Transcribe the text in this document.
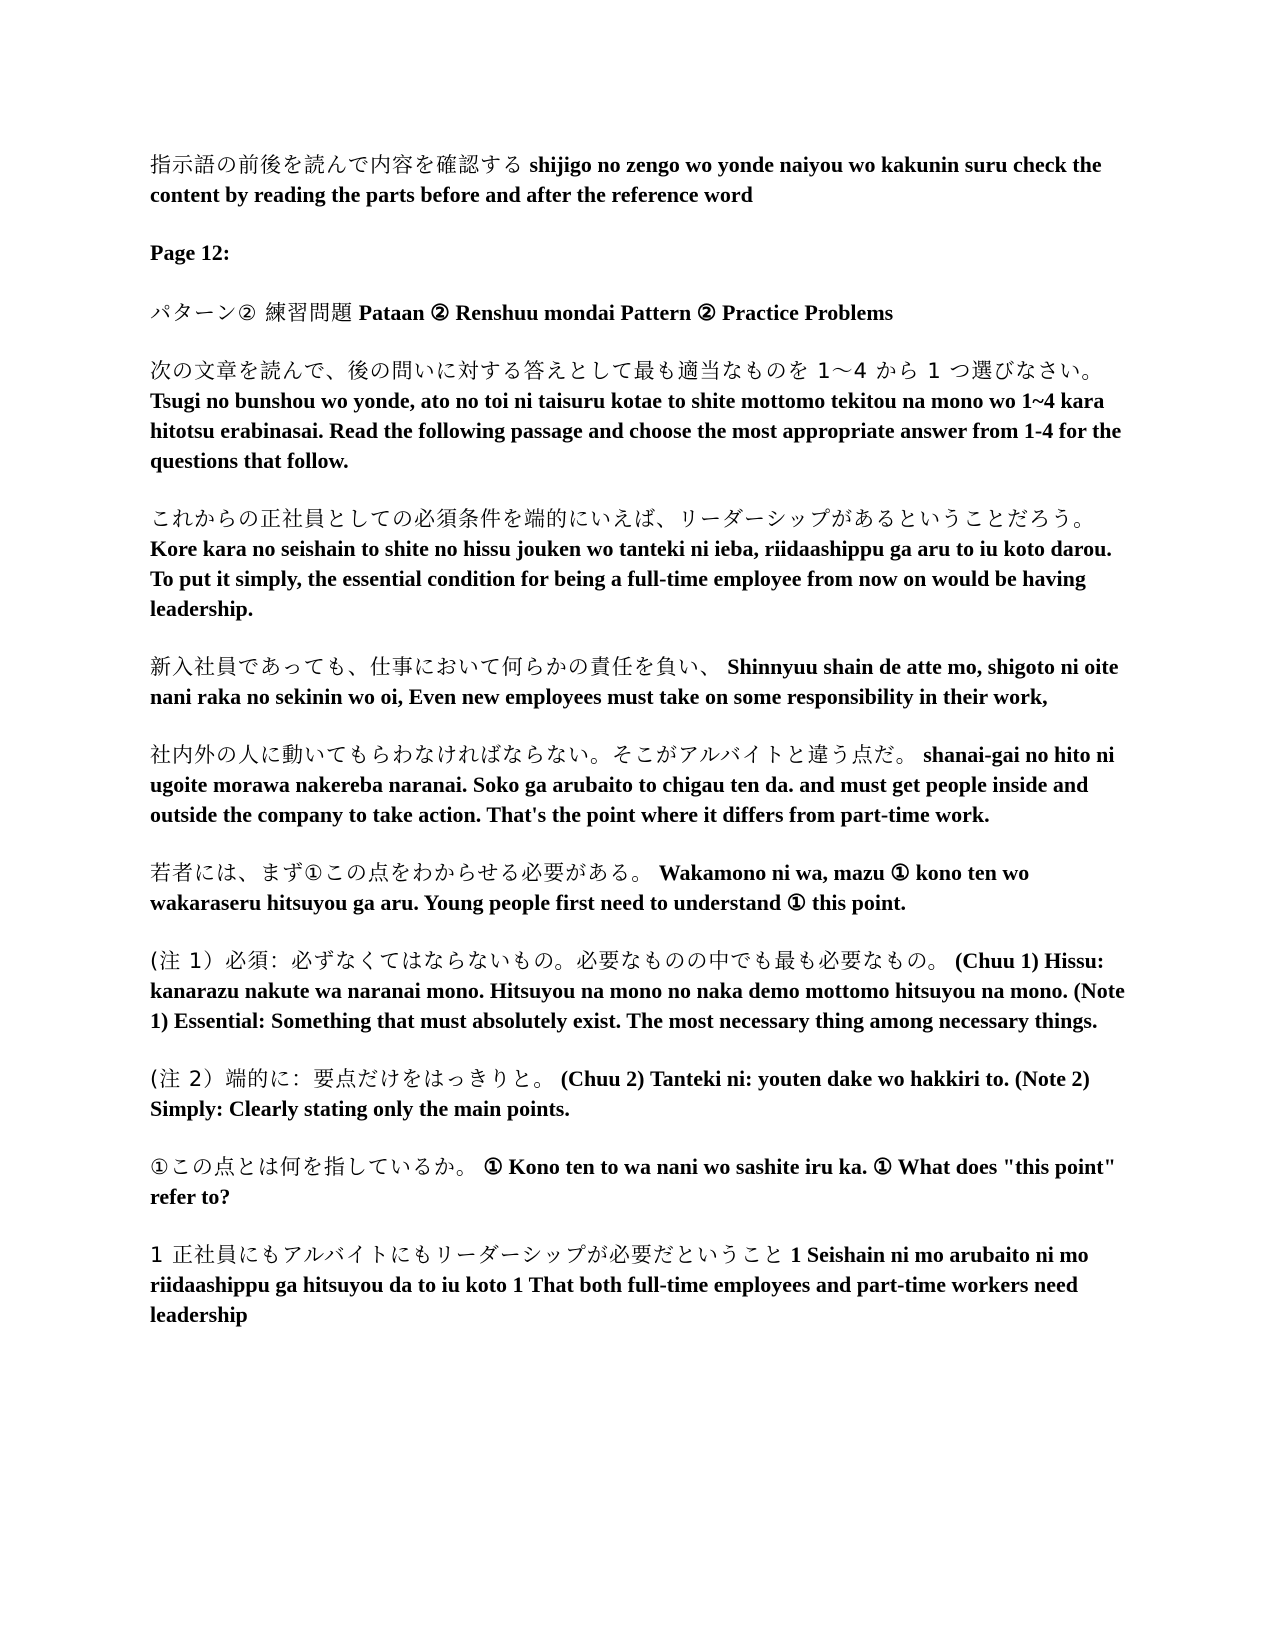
指示語の前後を読んで内容を確認する shijigo no zengo wo yonde naiyou wo kakunin suru check the content by reading the parts before and after the reference word

Page 12:

パターン② 練習問題 Pataan ② Renshuu mondai Pattern ② Practice Problems

次の文章を読んで、後の問いに対する答えとして最も適当なものを 1︎〜4 から 1 つ選びなさい。 Tsugi no bunshou wo yonde, ato no toi ni taisuru kotae to shite mottomo tekitou na mono wo 1~4 kara hitotsu erabinasai. Read the following passage and choose the most appropriate answer from 1-4 for the questions that follow.

これからの正社員としての必須条件を端的にいえば、リーダーシップがあるということだろう。 Kore kara no seishain to shite no hissu jouken wo tanteki ni ieba, riidaashippu ga aru to iu koto darou. To put it simply, the essential condition for being a full-time employee from now on would be having leadership.

新入社員であっても、仕事において何らかの責任を負い、 Shinnyuu shain de atte mo, shigoto ni oite nani raka no sekinin wo oi, Even new employees must take on some responsibility in their work,

社内外の人に動いてもらわなければならない。そこがアルバイトと違う点だ。 shanai-gai no hito ni ugoite morawa nakereba naranai. Soko ga arubaito to chigau ten da. and must get people inside and outside the company to take action. That's the point where it differs from part-time work.

若者には、まず①この点をわからせる必要がある。 Wakamono ni wa, mazu ① kono ten wo wakaraseru hitsuyou ga aru. Young people first need to understand ① this point.

(注 1）必須：必ずなくてはならないもの。必要なものの中でも最も必要なもの。 (Chuu 1) Hissu: kanarazu nakute wa naranai mono. Hitsuyou na mono no naka demo mottomo hitsuyou na mono. (Note 1) Essential: Something that must absolutely exist. The most necessary thing among necessary things.

(注 2）端的に：要点だけをはっきりと。 (Chuu 2) Tanteki ni: youten dake wo hakkiri to. (Note 2) Simply: Clearly stating only the main points.

①この点とは何を指しているか。 ① Kono ten to wa nani wo sashite iru ka. ① What does "this point" refer to?

1 正社員にもアルバイトにもリーダーシップが必要だということ 1 Seishain ni mo arubaito ni mo riidaashippu ga hitsuyou da to iu koto 1 That both full-time employees and part-time workers need leadership
